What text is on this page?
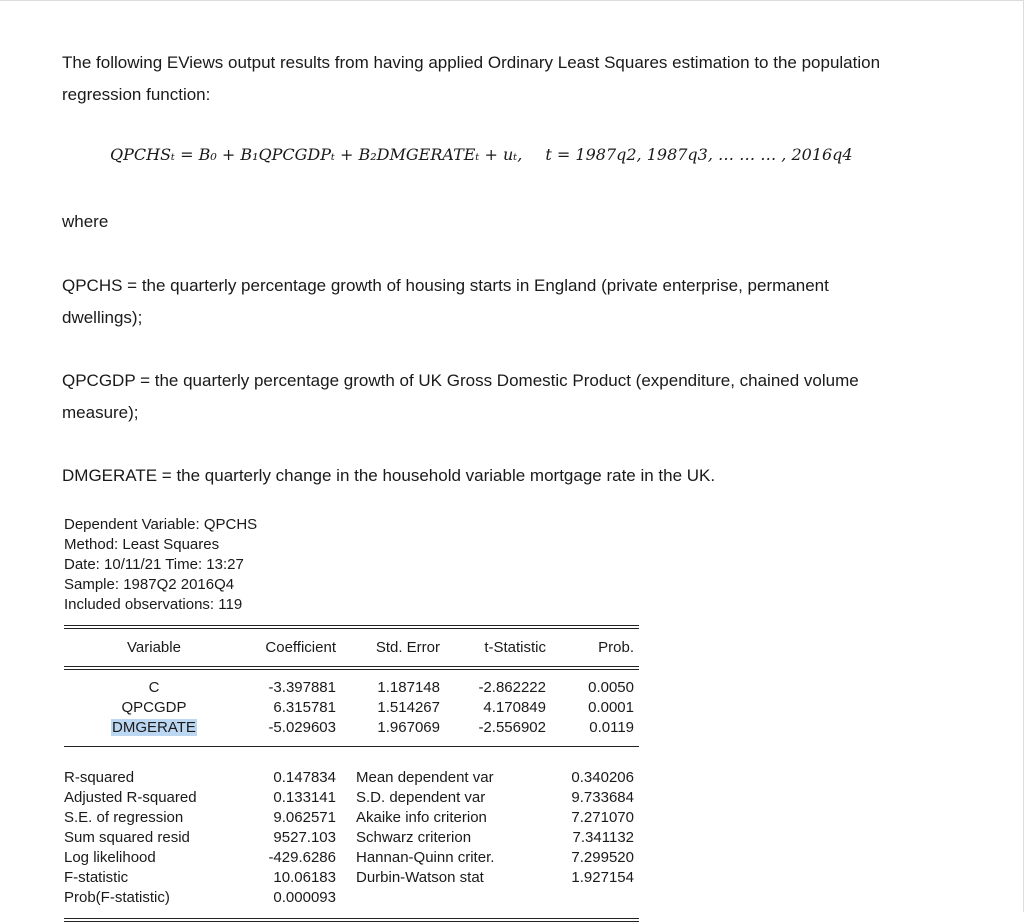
The following EViews output results from having applied Ordinary Least Squares estimation to the population regression function:

QPCHSₜ = B₀ + B₁QPCGDPₜ + B₂DMGERATEₜ + uₜ, t = 1987q2, 1987q3, … … … , 2016q4

where

QPCHS = the quarterly percentage growth of housing starts in England (private enterprise, permanent dwellings);

QPCGDP = the quarterly percentage growth of UK Gross Domestic Product (expenditure, chained volume measure);

DMGERATE = the quarterly change in the household variable mortgage rate in the UK.

Dependent Variable: QPCHS
Method: Least Squares
Date: 10/11/21 Time: 13:27
Sample: 1987Q2 2016Q4
Included observations: 119
Variable	Coefficient	Std. Error	t-Statistic	Prob.
C	-3.397881	1.187148	-2.862222	0.0050
QPCGDP	6.315781	1.514267	4.170849	0.0001
DMGERATE	-5.029603	1.967069	-2.556902	0.0119
R-squared	0.147834 Mean dependent var	0.340206
Adjusted R-squared	0.133141 S.D. dependent var	9.733684
S.E. of regression	9.062571 Akaike info criterion	7.271070
Sum squared resid	9527.103 Schwarz criterion	7.341132
Log likelihood	-429.6286 Hannan-Quinn criter.	7.299520
F-statistic	10.06183 Durbin-Watson stat	1.927154
Prob(F-statistic)	0.000093
